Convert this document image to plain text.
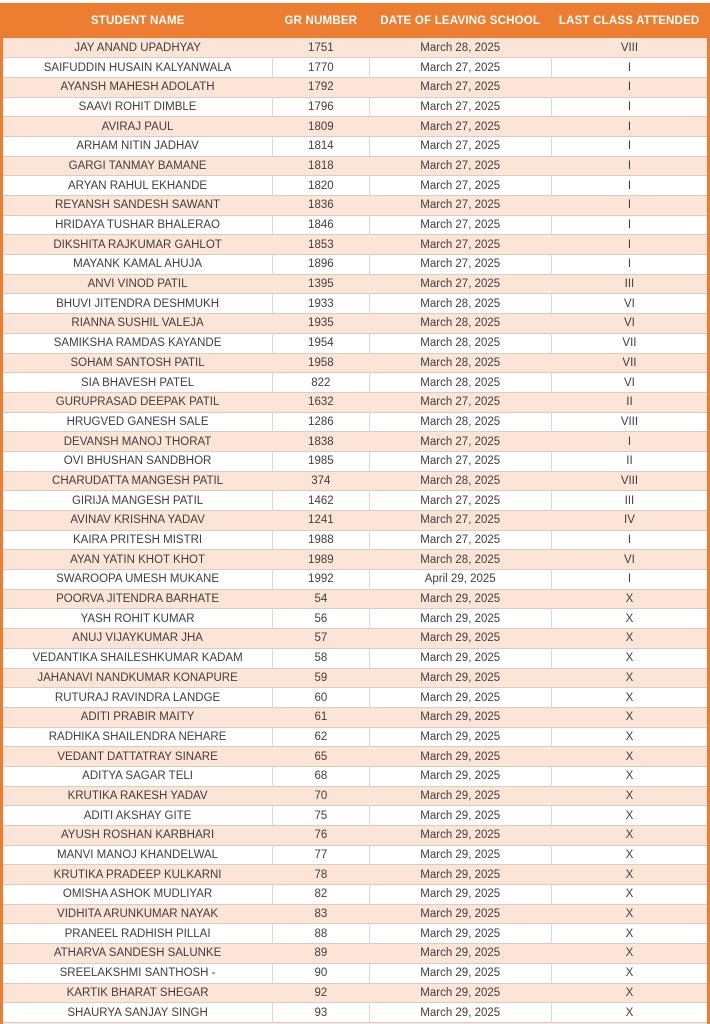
STUDENT NAME	GR NUMBER	DATE OF LEAVING SCHOOL	LAST CLASS ATTENDED
JAY ANAND UPADHYAY	1751	March 28, 2025	VIII
SAIFUDDIN HUSAIN KALYANWALA	1770	March 27, 2025	I
AYANSH MAHESH ADOLATH	1792	March 27, 2025	I
SAAVI ROHIT DIMBLE	1796	March 27, 2025	I
AVIRAJ PAUL	1809	March 27, 2025	I
ARHAM NITIN JADHAV	1814	March 27, 2025	I
GARGI TANMAY BAMANE	1818	March 27, 2025	I
ARYAN RAHUL EKHANDE	1820	March 27, 2025	I
REYANSH SANDESH SAWANT	1836	March 27, 2025	I
HRIDAYA TUSHAR BHALERAO	1846	March 27, 2025	I
DIKSHITA RAJKUMAR GAHLOT	1853	March 27, 2025	I
MAYANK KAMAL AHUJA	1896	March 27, 2025	I
ANVI VINOD PATIL	1395	March 27, 2025	III
BHUVI JITENDRA DESHMUKH	1933	March 28, 2025	VI
RIANNA SUSHIL VALEJA	1935	March 28, 2025	VI
SAMIKSHA RAMDAS KAYANDE	1954	March 28, 2025	VII
SOHAM SANTOSH PATIL	1958	March 28, 2025	VII
SIA BHAVESH PATEL	822	March 28, 2025	VI
GURUPRASAD DEEPAK PATIL	1632	March 27, 2025	II
HRUGVED GANESH SALE	1286	March 28, 2025	VIII
DEVANSH MANOJ THORAT	1838	March 27, 2025	I
OVI BHUSHAN SANDBHOR	1985	March 27, 2025	II
CHARUDATTA MANGESH PATIL	374	March 28, 2025	VIII
GIRIJA MANGESH PATIL	1462	March 27, 2025	III
AVINAV KRISHNA YADAV	1241	March 27, 2025	IV
KAIRA PRITESH MISTRI	1988	March 27, 2025	I
AYAN YATIN KHOT KHOT	1989	March 28, 2025	VI
SWAROOPA UMESH MUKANE	1992	April 29, 2025	I
POORVA JITENDRA BARHATE	54	March 29, 2025	X
YASH ROHIT KUMAR	56	March 29, 2025	X
ANUJ VIJAYKUMAR JHA	57	March 29, 2025	X
VEDANTIKA SHAILESHKUMAR KADAM	58	March 29, 2025	X
JAHANAVI NANDKUMAR KONAPURE	59	March 29, 2025	X
RUTURAJ RAVINDRA LANDGE	60	March 29, 2025	X
ADITI PRABIR MAITY	61	March 29, 2025	X
RADHIKA SHAILENDRA NEHARE	62	March 29, 2025	X
VEDANT DATTATRAY SINARE	65	March 29, 2025	X
ADITYA SAGAR TELI	68	March 29, 2025	X
KRUTIKA RAKESH YADAV	70	March 29, 2025	X
ADITI AKSHAY GITE	75	March 29, 2025	X
AYUSH ROSHAN KARBHARI	76	March 29, 2025	X
MANVI MANOJ KHANDELWAL	77	March 29, 2025	X
KRUTIKA PRADEEP KULKARNI	78	March 29, 2025	X
OMISHA ASHOK MUDLIYAR	82	March 29, 2025	X
VIDHITA ARUNKUMAR NAYAK	83	March 29, 2025	X
PRANEEL RADHISH PILLAI	88	March 29, 2025	X
ATHARVA SANDESH SALUNKE	89	March 29, 2025	X
SREELAKSHMI SANTHOSH -	90	March 29, 2025	X
KARTIK BHARAT SHEGAR	92	March 29, 2025	X
SHAURYA SANJAY SINGH	93	March 29, 2025	X
